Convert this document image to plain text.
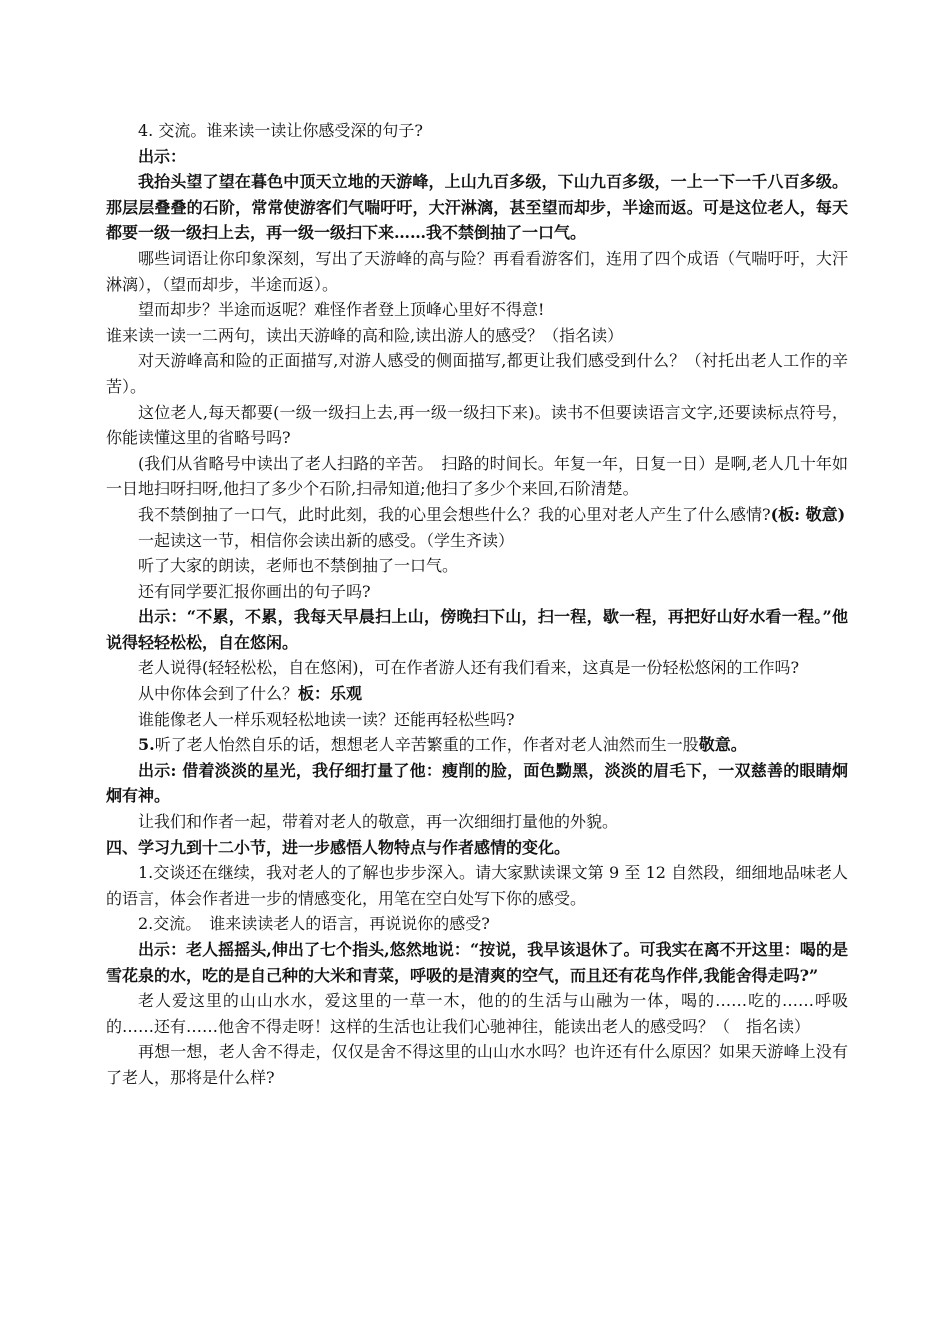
4. 交流。谁来读一读让你感受深的句子?

出示：

我抬头望了望在暮色中顶天立地的天游峰，上山九百多级，下山九百多级，一上一下一千八百多级。那层层叠叠的石阶，常常使游客们气喘吁吁，大汗淋漓，甚至望而却步，半途而返。可是这位老人，每天都要一级一级扫上去，再一级一级扫下来……我不禁倒抽了一口气。

哪些词语让你印象深刻，写出了天游峰的高与险？再看看游客们，连用了四个成语（气喘吁吁，大汗淋漓），（望而却步，半途而返）。

望而却步？半途而返呢？难怪作者登上顶峰心里好不得意!

谁来读一读一二两句，读出天游峰的高和险,读出游人的感受？（指名读）

对天游峰高和险的正面描写,对游人感受的侧面描写,都更让我们感受到什么？（衬托出老人工作的辛苦）。

这位老人,每天都要(一级一级扫上去,再一级一级扫下来)。读书不但要读语言文字,还要读标点符号，你能读懂这里的省略号吗?

(我们从省略号中读出了老人扫路的辛苦。　扫路的时间长。年复一年，日复一日）是啊,老人几十年如一日地扫呀扫呀,他扫了多少个石阶,扫帚知道;他扫了多少个来回,石阶清楚。

我不禁倒抽了一口气，此时此刻，我的心里会想些什么？我的心里对老人产生了什么感情?(板: 敬意)

一起读这一节，相信你会读出新的感受。（学生齐读）

听了大家的朗读，老师也不禁倒抽了一口气。

还有同学要汇报你画出的句子吗?

出示：“不累，不累，我每天早晨扫上山，傍晚扫下山，扫一程，歇一程，再把好山好水看一程。”他说得轻轻松松，自在悠闲。

老人说得(轻轻松松，自在悠闲)，可在作者游人还有我们看来，这真是一份轻松悠闲的工作吗?

从中你体会到了什么？板：乐观

谁能像老人一样乐观轻松地读一读？还能再轻松些吗?

5.听了老人怡然自乐的话，想想老人辛苦繁重的工作，作者对老人油然而生一股敬意。

出示: 借着淡淡的星光，我仔细打量了他：瘦削的脸，面色黝黑，淡淡的眉毛下，一双慈善的眼睛炯炯有神。

让我们和作者一起，带着对老人的敬意，再一次细细打量他的外貌。

四、学习九到十二小节，进一步感悟人物特点与作者感情的变化。

1.交谈还在继续，我对老人的了解也步步深入。请大家默读课文第 9 至 12 自然段，细细地品味老人的语言，体会作者进一步的情感变化，用笔在空白处写下你的感受。

2.交流。　谁来读读老人的语言，再说说你的感受?

出示：老人摇摇头,伸出了七个指头,悠然地说：“按说，我早该退休了。可我实在离不开这里：喝的是雪花泉的水，吃的是自己种的大米和青菜，呼吸的是清爽的空气，而且还有花鸟作伴,我能舍得走吗?”

老人爱这里的山山水水，爱这里的一草一木，他的的生活与山融为一体，喝的……吃的……呼吸的……还有……他舍不得走呀！这样的生活也让我们心驰神往，能读出老人的感受吗？（　指名读）

再想一想，老人舍不得走，仅仅是舍不得这里的山山水水吗？也许还有什么原因？如果天游峰上没有了老人，那将是什么样?
